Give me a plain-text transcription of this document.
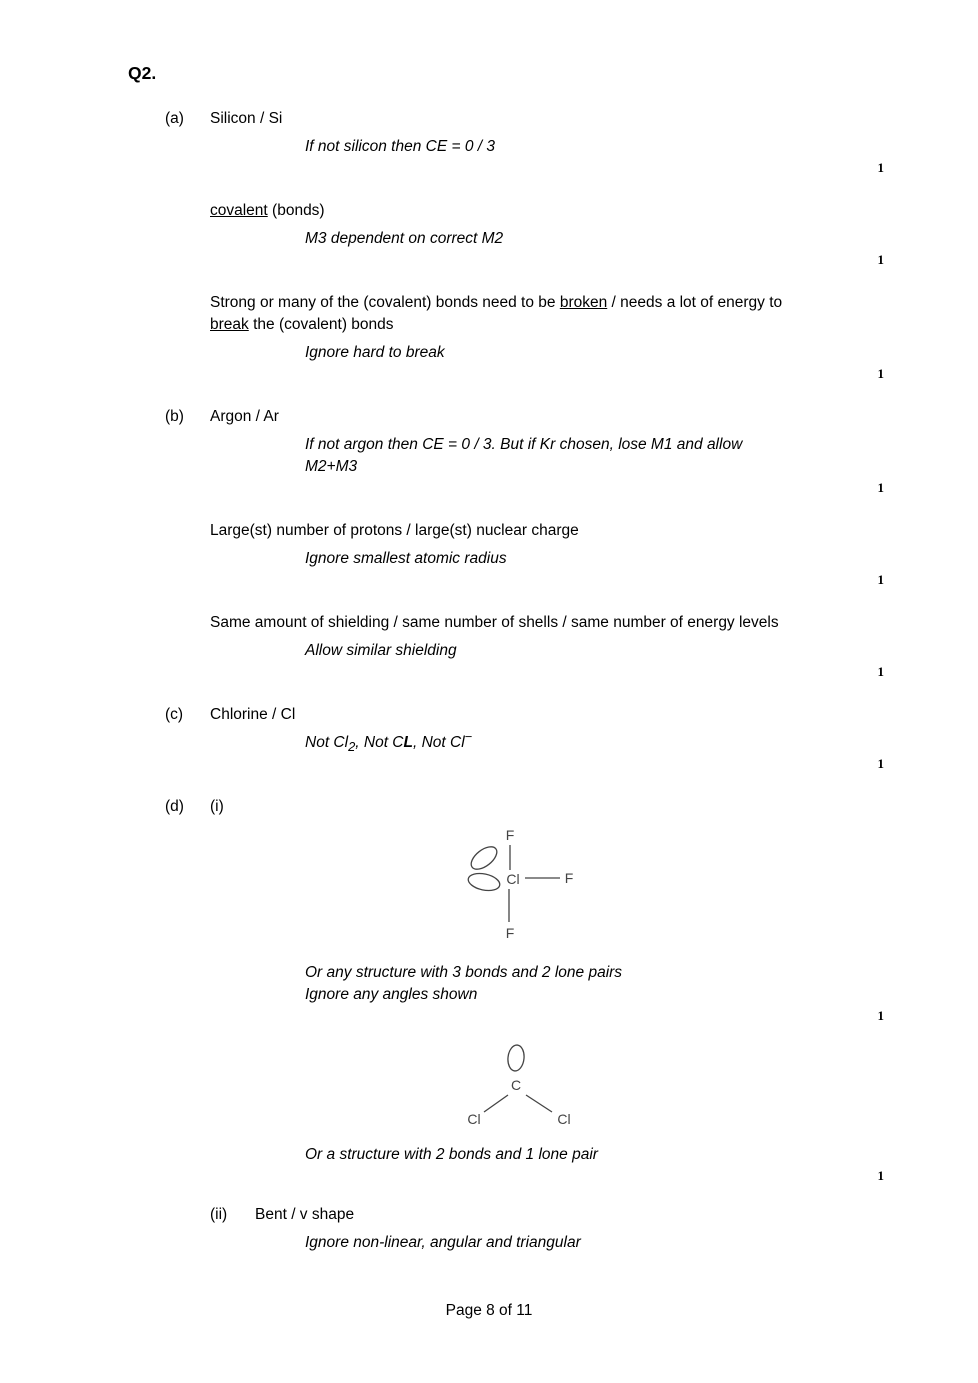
Q2.
(a)	Silicon / Si

If not silicon then CE = 0 / 3

1

covalent (bonds)

M3 dependent on correct M2

1

Strong or many of the (covalent) bonds need to be broken / needs a lot of energy to break the (covalent) bonds

Ignore hard to break

1
(b)	Argon / Ar

If not argon then CE = 0 / 3. But if Kr chosen, lose M1 and allow M2+M3

1

Large(st) number of protons / large(st) nuclear charge

Ignore smallest atomic radius

1

Same amount of shielding / same number of shells / same number of energy levels

Allow similar shielding

1
(c)	Chlorine / Cl

Not $Cl_2$, Not CL, Not Cl−

1
(d)	(i)
F
Cl	F
F

Or any structure with 3 bonds and 2 lone pairs

Ignore any angles shown

1
C
Cl	Cl

Or a structure with 2 bonds and 1 lone pair

1
(ii)	Bent / v shape

Ignore non-linear, angular and triangular

Page 8 of 11
